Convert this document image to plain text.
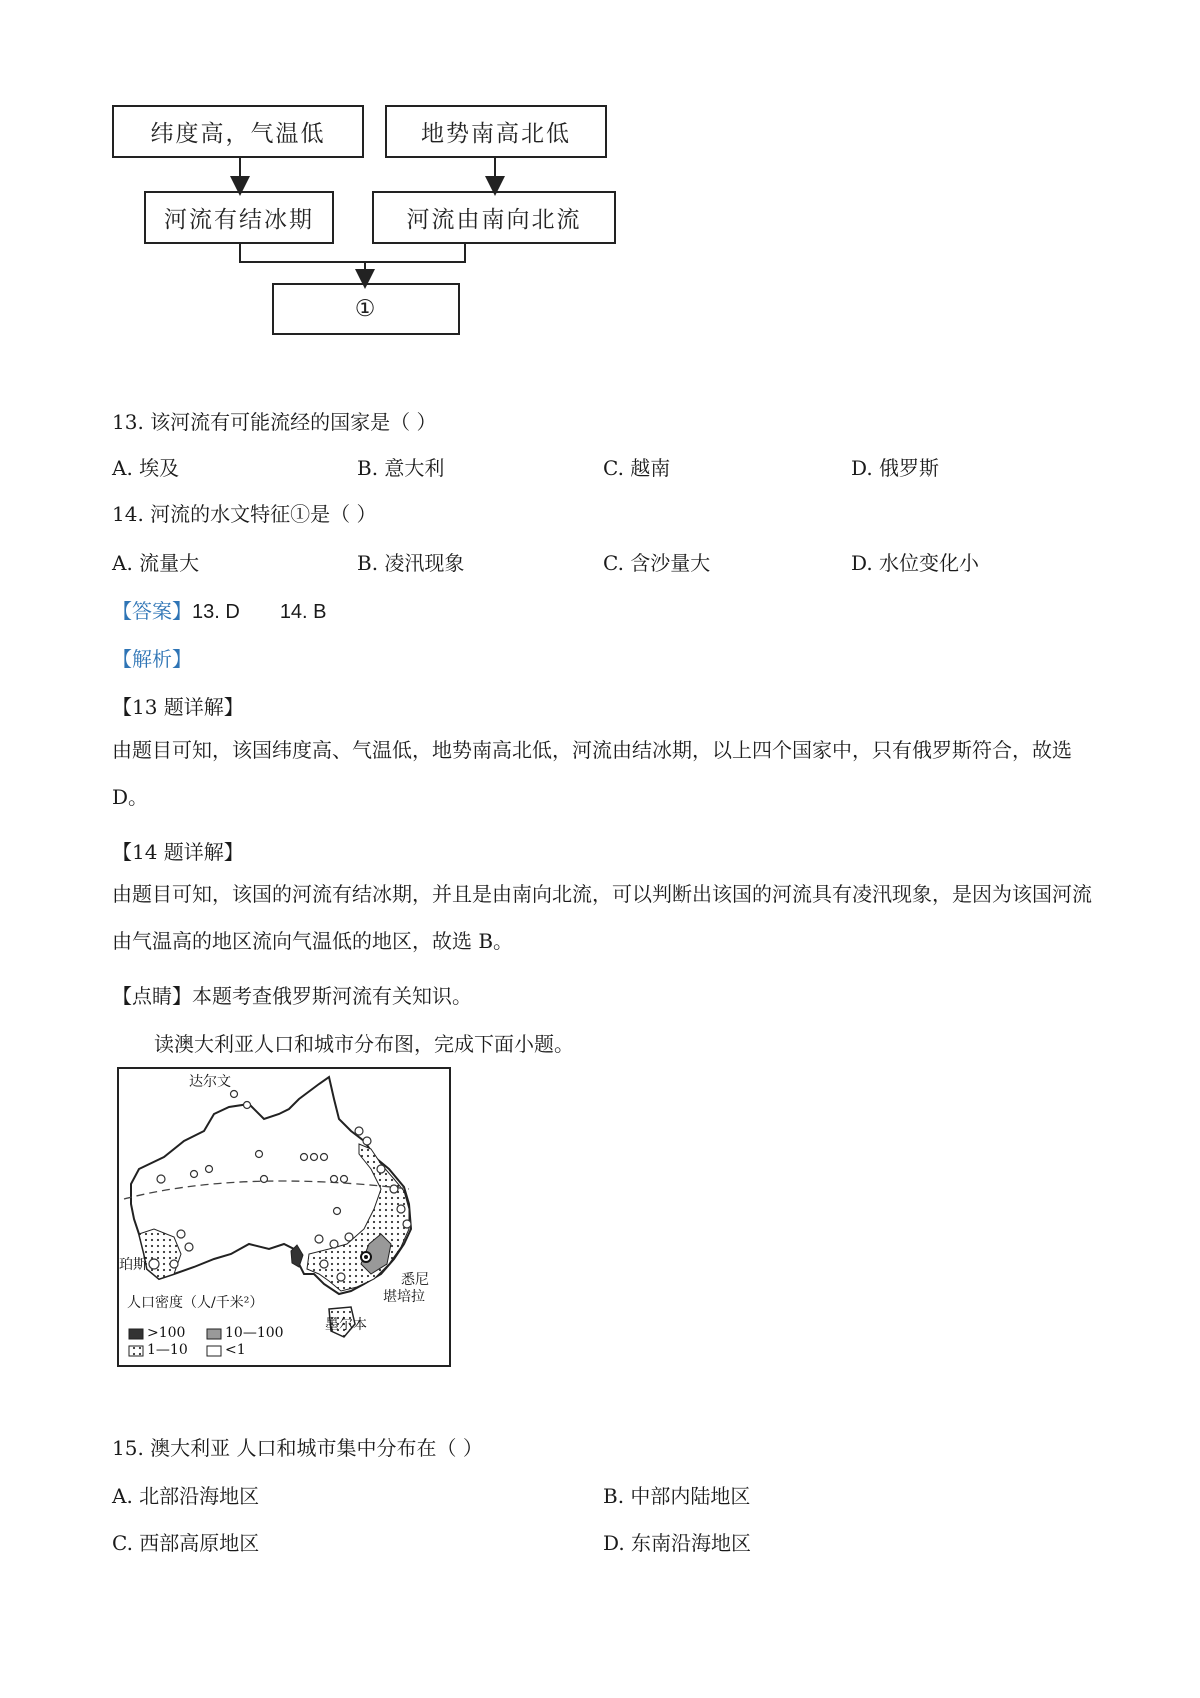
纬度高，气温低	地势南高北低
河流有结冰期	河流由南向北流
①
13. 该河流有可能流经的国家是（ ）
A. 埃及	B. 意大利	C. 越南	D. 俄罗斯
14. 河流的水文特征①是（ ）
A. 流量大	B. 凌汛现象	C. 含沙量大	D. 水位变化小
【答案】13. D 14. B
【解析】
【13 题详解】
由题目可知，该国纬度高、气温低，地势南高北低，河流由结冰期，以上四个国家中，只有俄罗斯符合，故选 D。
【14 题详解】
由题目可知，该国的河流有结冰期，并且是由南向北流，可以判断出该国的河流具有凌汛现象，是因为该国河流由气温高的地区流向气温低的地区，故选 B。
【点睛】本题考查俄罗斯河流有关知识。
读澳大利亚人口和城市分布图，完成下面小题。
达尔文
珀斯
悉尼
堪培拉
墨尔本
人口密度（人/千米²）
>100	10—100
1—10	<1
15. 澳大利亚 人口和城市集中分布在（ ）
A. 北部沿海地区	B. 中部内陆地区
C. 西部高原地区	D. 东南沿海地区
